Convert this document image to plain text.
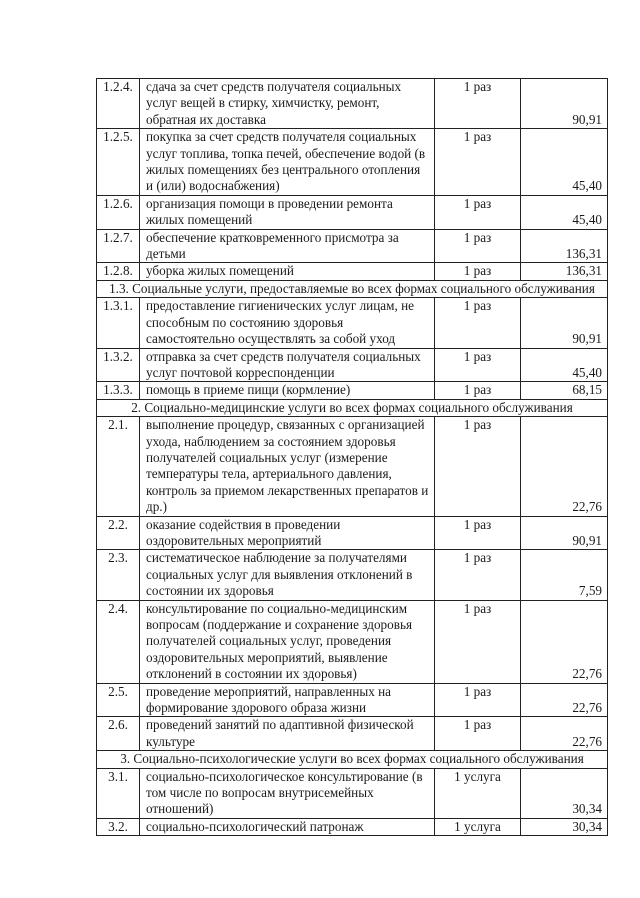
1.2.4.	сдача за счет средств получателя социальных услуг вещей в стирку, химчистку, ремонт, обратная их доставка	1 раз	90,91
1.2.5.	покупка за счет средств получателя социальных услуг топлива, топка печей, обеспечение водой (в жилых помещениях без центрального отопления и (или) водоснабжения)	1 раз	45,40
1.2.6.	организация помощи в проведении ремонта жилых помещений	1 раз	45,40
1.2.7.	обеспечение кратковременного присмотра за детьми	1 раз	136,31
1.2.8.	уборка жилых помещений	1 раз	136,31
1.3. Социальные услуги, предоставляемые во всех формах социального обслуживания			
1.3.1.	предоставление гигиенических услуг лицам, не способным по состоянию здоровья самостоятельно осуществлять за собой уход	1 раз	90,91
1.3.2.	отправка за счет средств получателя социальных услуг почтовой корреспонденции	1 раз	45,40
1.3.3.	помощь в приеме пищи (кормление)	1 раз	68,15
2. Социально-медицинские услуги во всех формах социального обслуживания			
2.1.	выполнение процедур, связанных с организацией ухода, наблюдением за состоянием здоровья получателей социальных услуг (измерение температуры тела, артериального давления, контроль за приемом лекарственных препаратов и др.)	1 раз	22,76
2.2.	оказание содействия в проведении оздоровительных мероприятий	1 раз	90,91
2.3.	систематическое наблюдение за получателями социальных услуг для выявления отклонений в состоянии их здоровья	1 раз	7,59
2.4.	консультирование по социально-медицинским вопросам (поддержание и сохранение здоровья получателей социальных услуг, проведения оздоровительных мероприятий, выявление отклонений в состоянии их здоровья)	1 раз	22,76
2.5.	проведение мероприятий, направленных на формирование здорового образа жизни	1 раз	22,76
2.6.	проведений занятий по адаптивной физической культуре	1 раз	22,76
3. Социально-психологические услуги во всех формах социального обслуживания			
3.1.	социально-психологическое консультирование (в том числе по вопросам внутрисемейных отношений)	1 услуга	30,34
3.2.	социально-психологический патронаж	1 услуга	30,34
